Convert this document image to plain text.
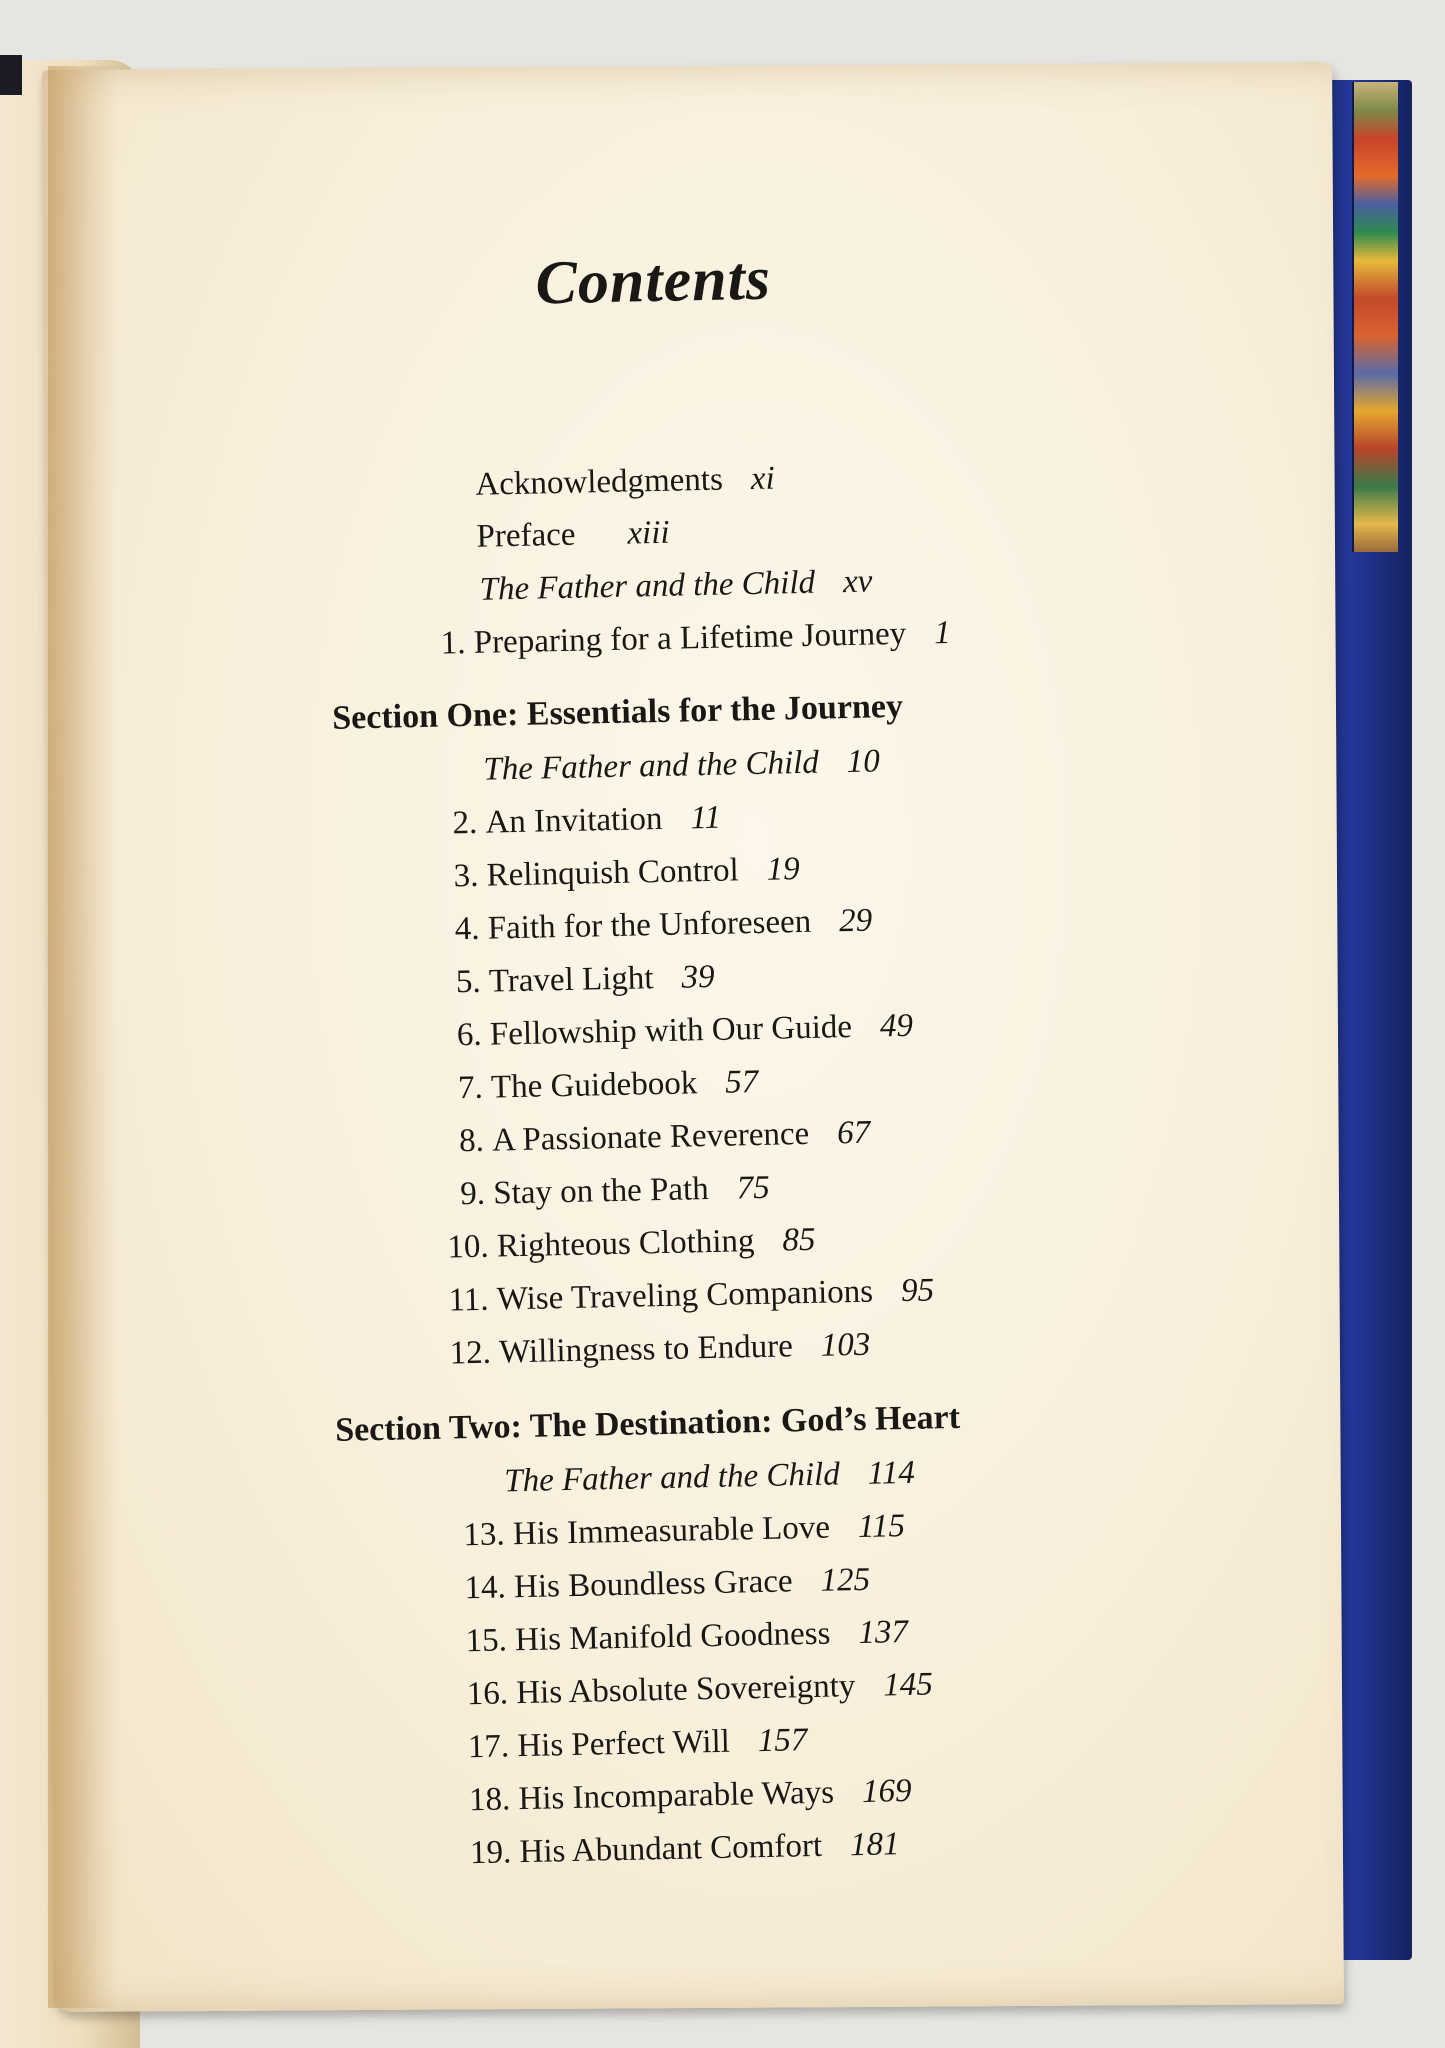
Contents
Acknowledgments xi
Preface xiii
The Father and the Child xv
1. Preparing for a Lifetime Journey 1
Section One: Essentials for the Journey
The Father and the Child 10
2. An Invitation 11
3. Relinquish Control 19
4. Faith for the Unforeseen 29
5. Travel Light 39
6. Fellowship with Our Guide 49
7. The Guidebook 57
8. A Passionate Reverence 67
9. Stay on the Path 75
10. Righteous Clothing 85
11. Wise Traveling Companions 95
12. Willingness to Endure 103
Section Two: The Destination: God’s Heart
The Father and the Child 114
13. His Immeasurable Love 115
14. His Boundless Grace 125
15. His Manifold Goodness 137
16. His Absolute Sovereignty 145
17. His Perfect Will 157
18. His Incomparable Ways 169
19. His Abundant Comfort 181
